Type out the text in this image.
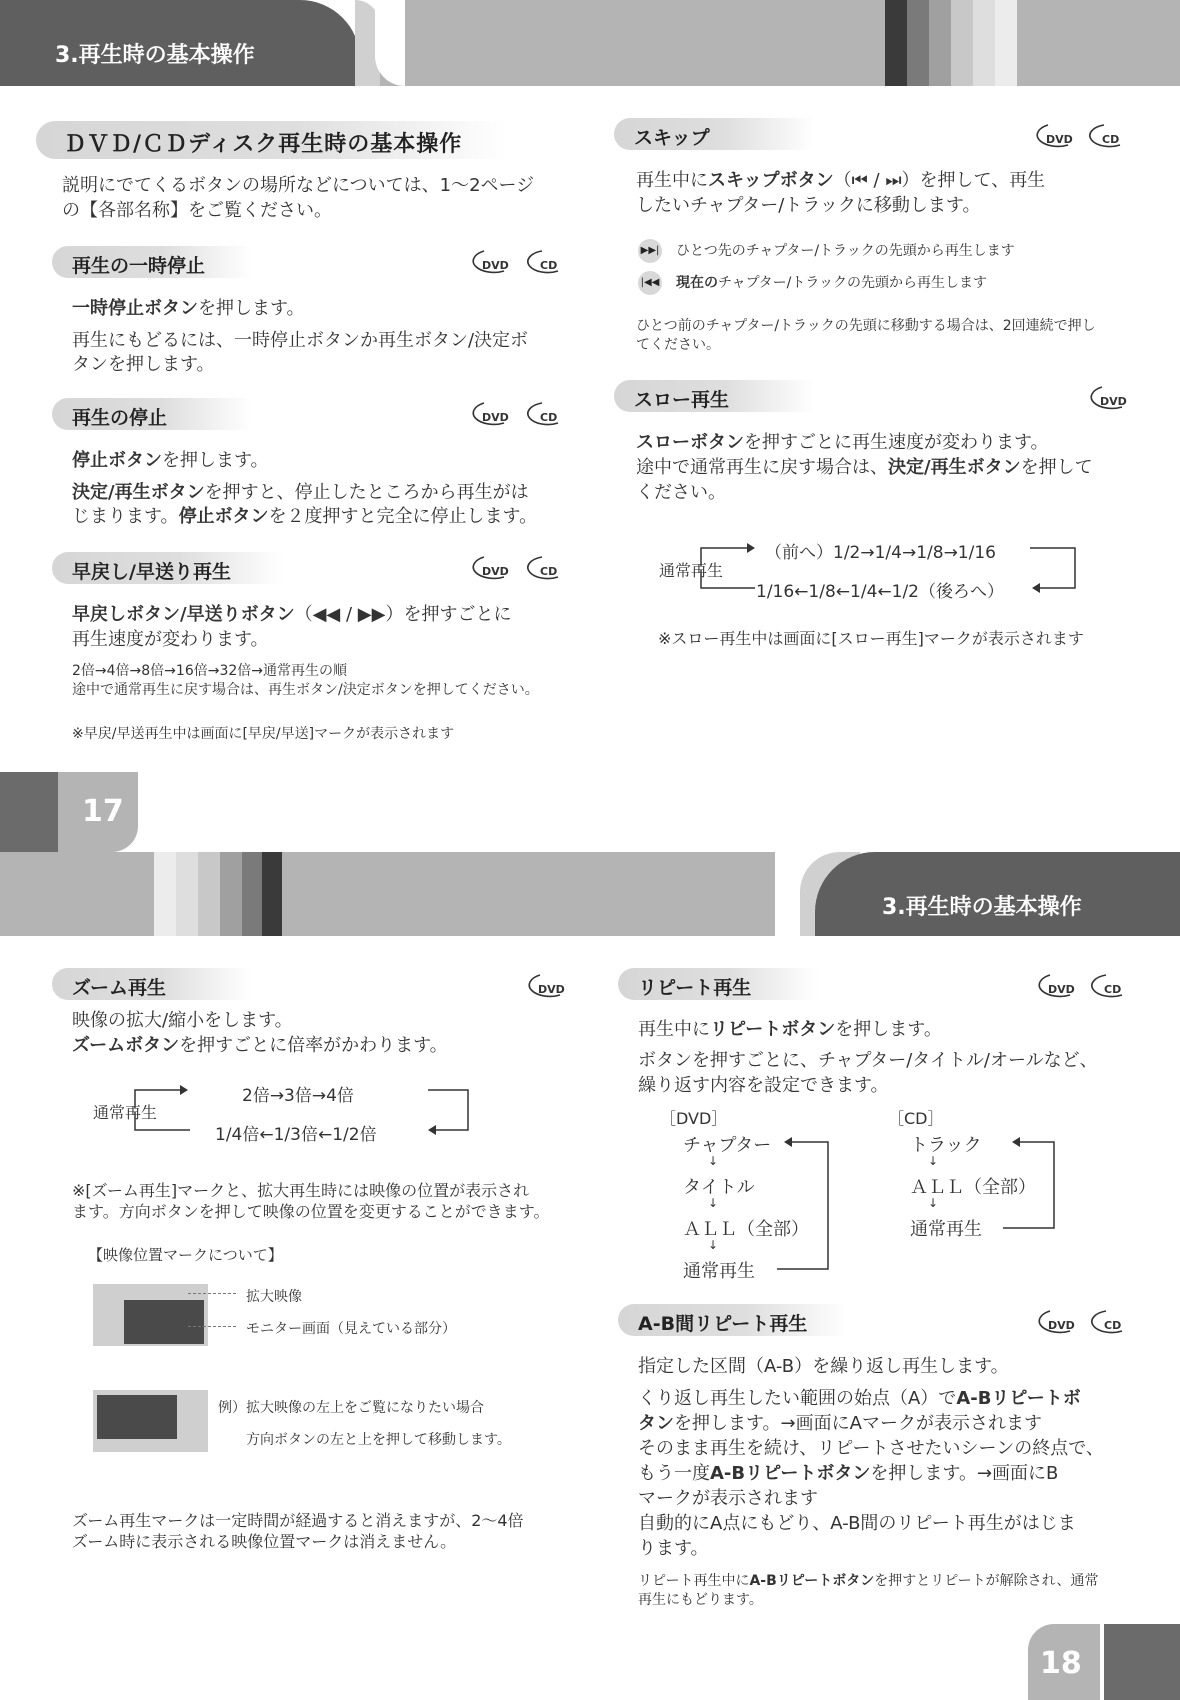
3.再生時の基本操作
ＤＶＤ/ＣＤディスク再生時の基本操作
説明にでてくるボタンの場所などについては、1〜2ページ
の【各部名称】をご覧ください。
再生の一時停止	DVD	CD
一時停止ボタンを押します。
再生にもどるには、一時停止ボタンか再生ボタン/決定ボ
タンを押します。
再生の停止	DVD	CD
停止ボタンを押します。
決定/再生ボタンを押すと、停止したところから再生がは
じまります。停止ボタンを２度押すと完全に停止します。
早戻し/早送り再生	DVD	CD
早戻しボタン/早送りボタン（◀◀ / ▶▶）を押すごとに
再生速度が変わります。
2倍→4倍→8倍→16倍→32倍→通常再生の順
途中で通常再生に戻す場合は、再生ボタン/決定ボタンを押してください。
※早戻/早送再生中は画面に[早戻/早送]マークが表示されます
スキップ	DVD	CD
再生中にスキップボタン（⏮ / ⏭）を押して、再生
したいチャプター/トラックに移動します。
▶▶| ひとつ先のチャプター/トラックの先頭から再生します
|◀◀ 現在のチャプター/トラックの先頭から再生します
ひとつ前のチャプター/トラックの先頭に移動する場合は、2回連続で押し
てください。
スロー再生	DVD
スローボタンを押すごとに再生速度が変わります。
途中で通常再生に戻す場合は、決定/再生ボタンを押して
ください。
通常再生
（前へ）1/2→1/4→1/8→1/16
1/16←1/8←1/4←1/2（後ろへ）
※スロー再生中は画面に[スロー再生]マークが表示されます
17
3.再生時の基本操作
ズーム再生	DVD
映像の拡大/縮小をします。
ズームボタンを押すごとに倍率がかわります。
通常再生
2倍→3倍→4倍
1/4倍←1/3倍←1/2倍
※[ズーム再生]マークと、拡大再生時には映像の位置が表示され
ます。方向ボタンを押して映像の位置を変更することができます。
【映像位置マークについて】
拡大映像
モニター画面（見えている部分）
例）拡大映像の左上をご覧になりたい場合
方向ボタンの左と上を押して移動します。
ズーム再生マークは一定時間が経過すると消えますが、2〜4倍
ズーム時に表示される映像位置マークは消えません。
リピート再生	DVD	CD
再生中にリピートボタンを押します。
ボタンを押すごとに、チャプター/タイトル/オールなど、
繰り返す内容を設定できます。
［DVD］
チャプター
↓
タイトル
↓
ＡＬＬ（全部）
↓
通常再生
［CD］
トラック
↓
ＡＬＬ（全部）
↓
通常再生
A-B間リピート再生	DVD	CD
指定した区間（A-B）を繰り返し再生します。
くり返し再生したい範囲の始点（A）でA-Bリピートボ
タンを押します。→画面にAマークが表示されます
そのまま再生を続け、リピートさせたいシーンの終点で、
もう一度A-Bリピートボタンを押します。→画面にB
マークが表示されます
自動的にA点にもどり、A-B間のリピート再生がはじま
ります。
リピート再生中にA-Bリピートボタンを押すとリピートが解除され、通常
再生にもどります。
18
